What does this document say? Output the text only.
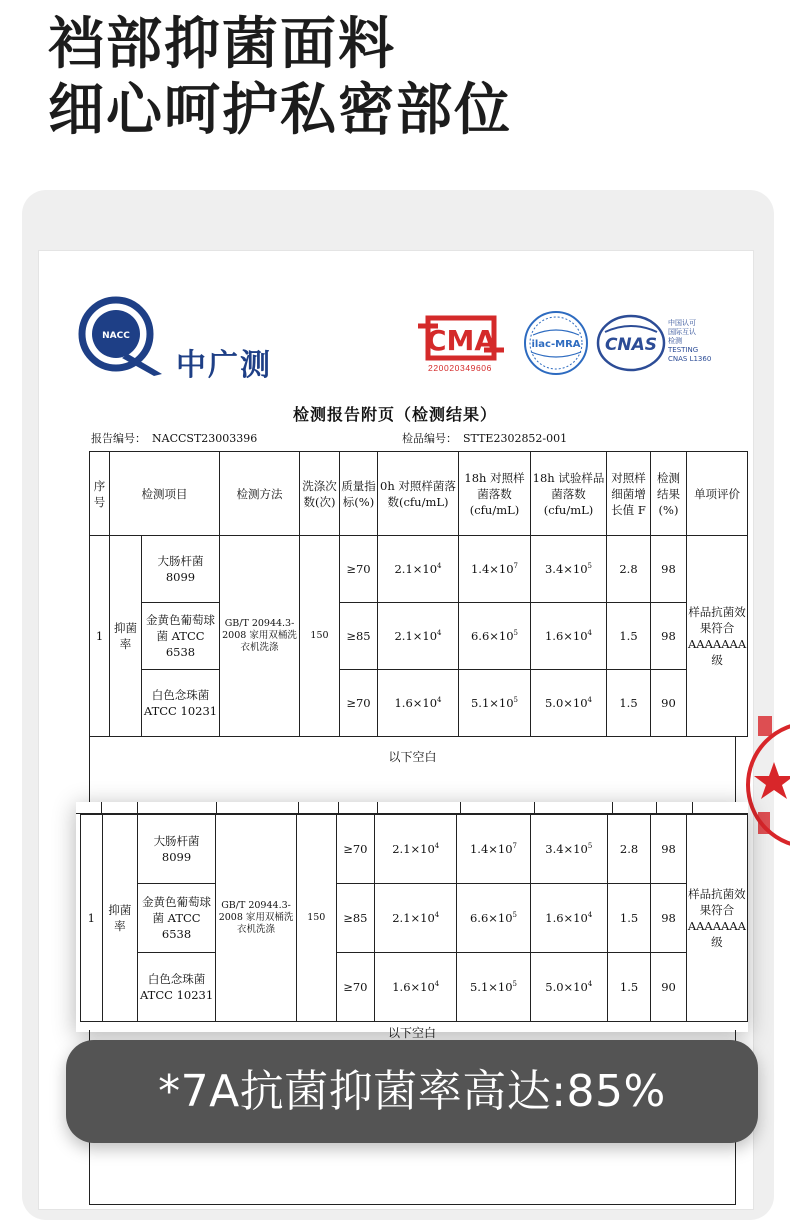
裆部抑菌面料
细心呵护私密部位
NACC
中广测
CMA
220020349606
ilac-MRA CNAS
中国认可
国际互认
检测
TESTING
CNAS L1360
检测报告附页（检测结果）
报告编号： NACCST23003396	检品编号： STTE2302852-001
序号	检测项目		检测方法	洗涤次数(次)	质量指标(%)	0h 对照样菌落数(cfu/mL)	18h 对照样菌落数(cfu/mL)	18h 试验样品菌落数(cfu/mL)	对照样细菌增长值 F	检测结果(%)	单项评价
1	抑菌率	大肠杆菌 8099	GB/T 20944.3-2008 家用双桶洗衣机洗涤	150	≥70	$2.1\times 10^4$	$1.4\times 10^7$	$3.4\times 10^5$	2.8	98	样品抗菌效果符合AAAAAAA级
		金黄色葡萄球菌 ATCC 6538			≥85	$2.1\times 10^4$	$6.6\times 10^5$	$1.6\times 10^4$	1.5	98	
		白色念珠菌 ATCC 10231			≥70	$1.6\times 10^4$	$5.1\times 10^5$	$5.0\times 10^4$	1.5	90	
以下空白
1	抑菌率	大肠杆菌 8099	GB/T 20944.3-2008 家用双桶洗衣机洗涤	150	≥70	$2.1\times 10^4$	$1.4\times 10^7$	$3.4\times 10^5$	2.8	98	样品抗菌效果符合AAAAAAA级
		金黄色葡萄球菌 ATCC 6538			≥85	$2.1\times 10^4$	$6.6\times 10^5$	$1.6\times 10^4$	1.5	98	
		白色念珠菌 ATCC 10231			≥70	$1.6\times 10^4$	$5.1\times 10^5$	$5.0\times 10^4$	1.5	90	
以下空白
*7A抗菌抑菌率高达:85%
